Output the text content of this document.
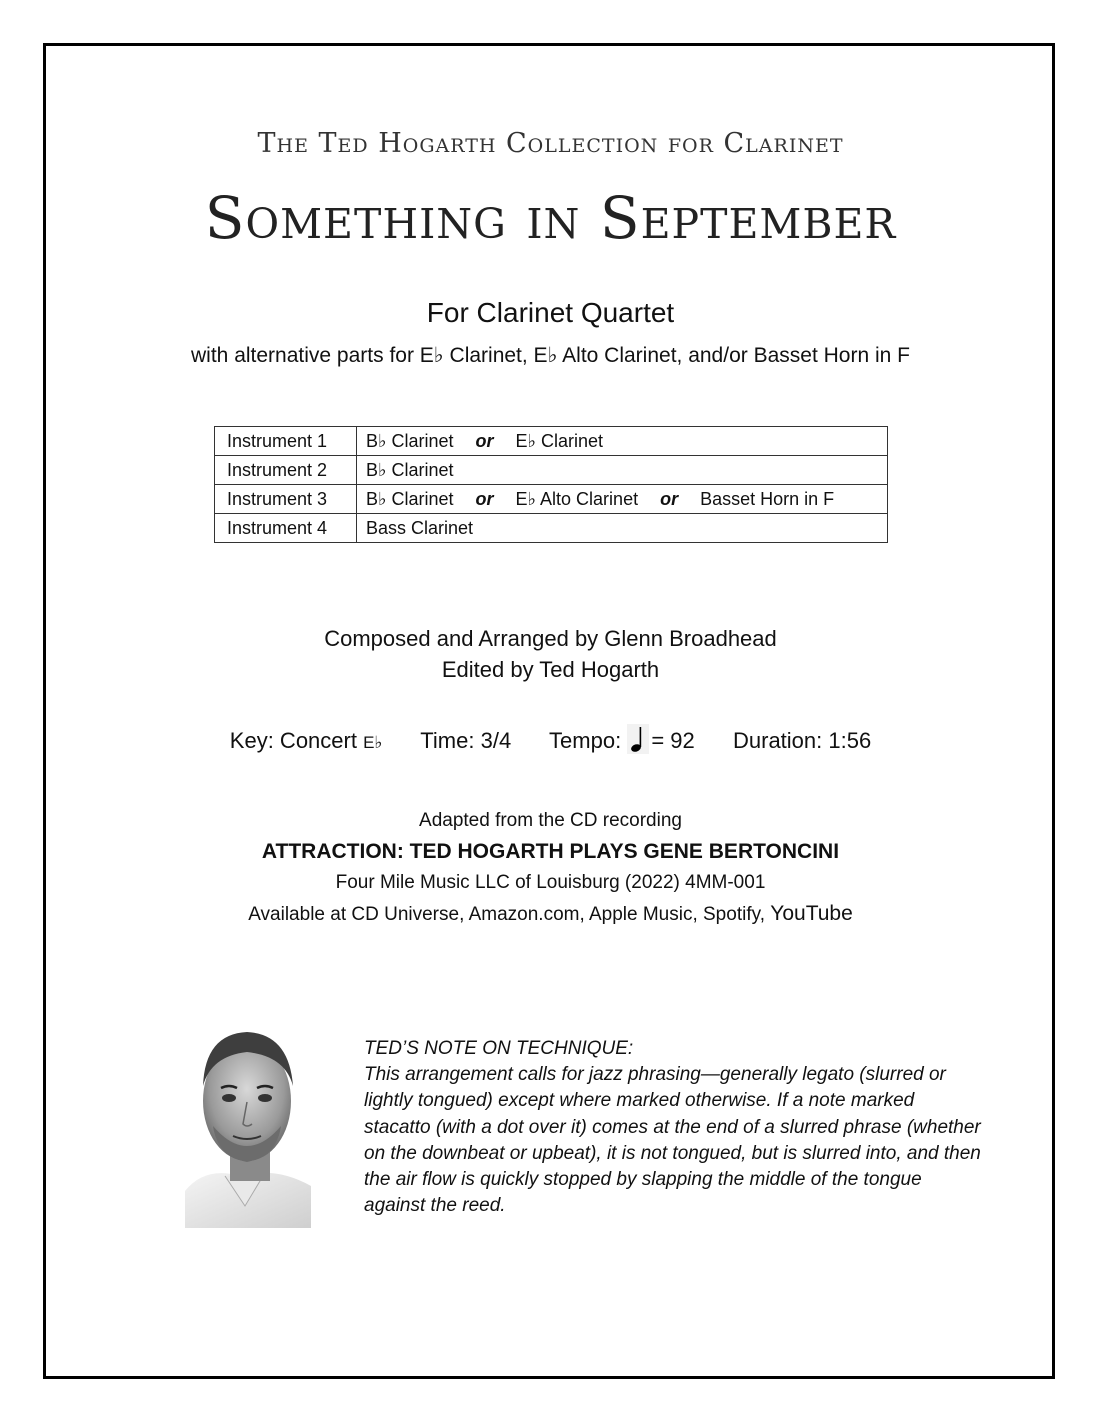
The Ted Hogarth Collection for Clarinet
Something in September
For Clarinet Quartet
with alternative parts for E♭ Clarinet, E♭ Alto Clarinet, and/or Basset Horn in F
Instrument 1	B♭ Clarinet or E♭ Clarinet
Instrument 2	B♭ Clarinet
Instrument 3	B♭ Clarinet or E♭ Alto Clarinet or Basset Horn in F
Instrument 4	Bass Clarinet
Composed and Arranged by Glenn Broadhead
Edited by Ted Hogarth
Key: Concert E♭ Time: 3/4 Tempo: = 92 Duration: 1:56
Adapted from the CD recording
ATTRACTION: TED HOGARTH PLAYS GENE BERTONCINI
Four Mile Music LLC of Louisburg (2022) 4MM-001
Available at CD Universe, Amazon.com, Apple Music, Spotify, YouTube
TED’S NOTE ON TECHNIQUE:
This arrangement calls for jazz phrasing—generally legato (slurred or lightly tongued) except where marked otherwise. If a note marked stacatto (with a dot over it) comes at the end of a slurred phrase (whether on the downbeat or upbeat), it is not tongued, but is slurred into, and then the air flow is quickly stopped by slapping the middle of the tongue against the reed.
